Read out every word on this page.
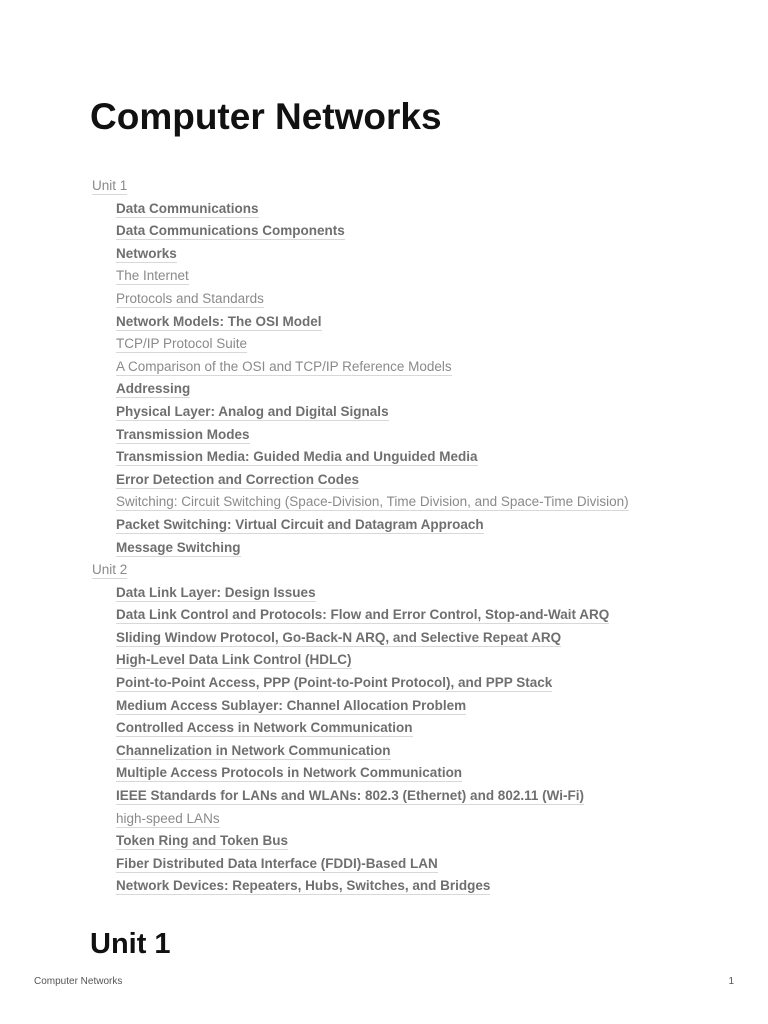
Computer Networks
Unit 1
Data Communications
Data Communications Components
Networks
The Internet
Protocols and Standards
Network Models: The OSI Model
TCP/IP Protocol Suite
A Comparison of the OSI and TCP/IP Reference Models
Addressing
Physical Layer: Analog and Digital Signals
Transmission Modes
Transmission Media: Guided Media and Unguided Media
Error Detection and Correction Codes
Switching: Circuit Switching (Space-Division, Time Division, and Space-Time Division)
Packet Switching: Virtual Circuit and Datagram Approach
Message Switching
Unit 2
Data Link Layer: Design Issues
Data Link Control and Protocols: Flow and Error Control, Stop-and-Wait ARQ
Sliding Window Protocol, Go-Back-N ARQ, and Selective Repeat ARQ
High-Level Data Link Control (HDLC)
Point-to-Point Access, PPP (Point-to-Point Protocol), and PPP Stack
Medium Access Sublayer: Channel Allocation Problem
Controlled Access in Network Communication
Channelization in Network Communication
Multiple Access Protocols in Network Communication
IEEE Standards for LANs and WLANs: 802.3 (Ethernet) and 802.11 (Wi-Fi)
high-speed LANs
Token Ring and Token Bus
Fiber Distributed Data Interface (FDDI)-Based LAN
Network Devices: Repeaters, Hubs, Switches, and Bridges
Unit 1
Computer Networks	1
